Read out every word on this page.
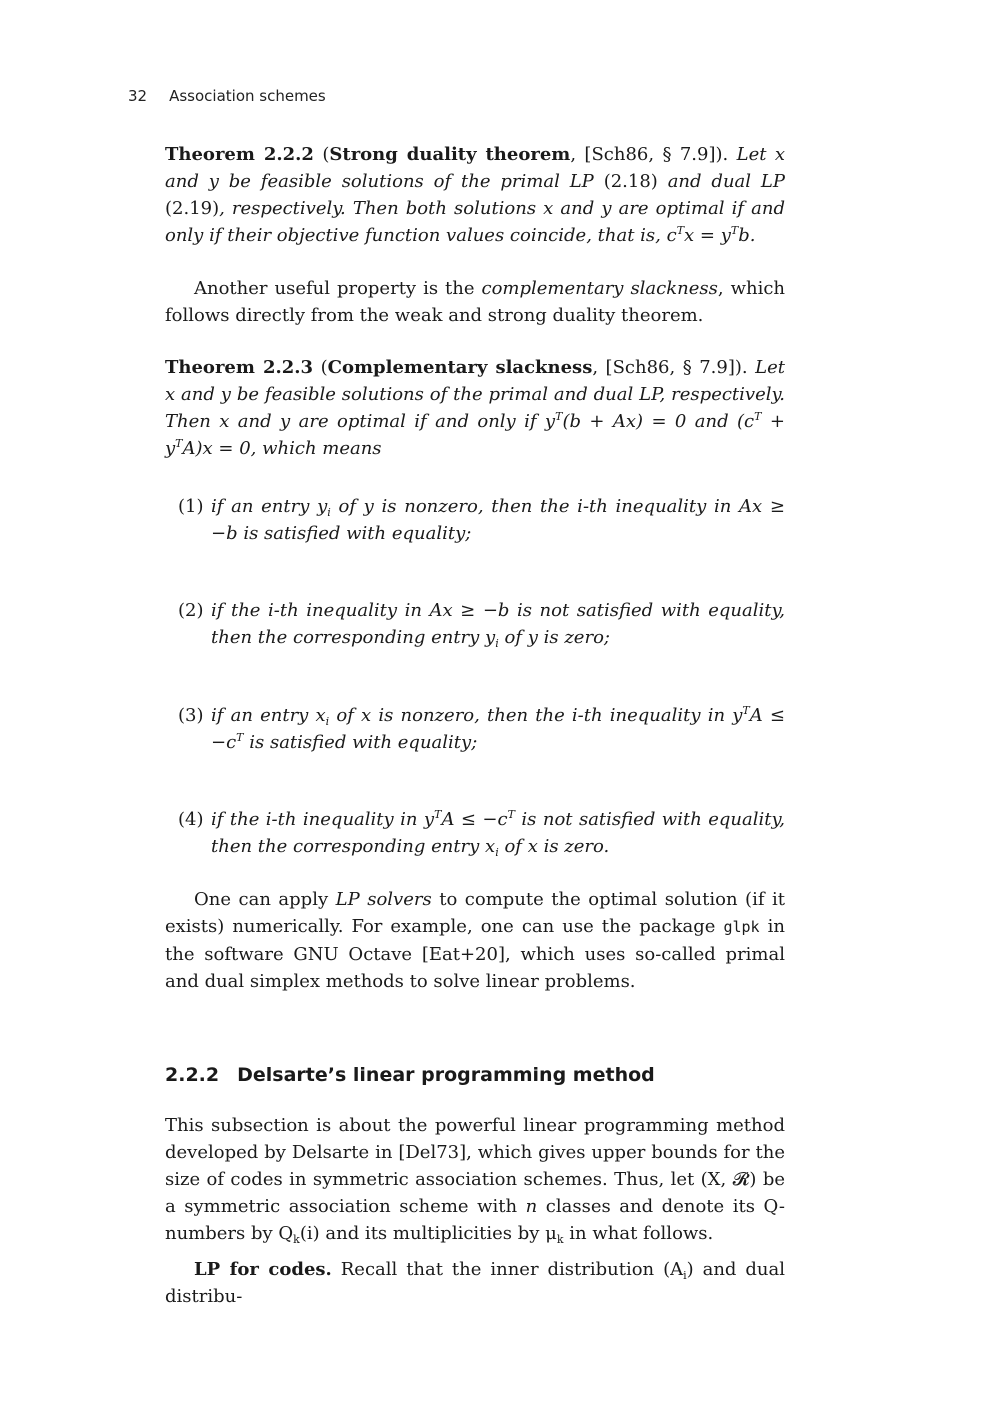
32 Association schemes
Theorem 2.2.2 (Strong duality theorem, [Sch86, § 7.9]). Let x and y be feasible solutions of the primal LP (2.18) and dual LP (2.19), respectively. Then both solutions x and y are optimal if and only if their objective function values coincide, that is, $c^Tx = y^Tb$.
Another useful property is the complementary slackness, which follows directly from the weak and strong duality theorem.
Theorem 2.2.3 (Complementary slackness, [Sch86, § 7.9]). Let x and y be feasible solutions of the primal and dual LP, respectively. Then x and y are optimal if and only if $y^T(b + Ax) = 0$ and $(c^T + y^TA)x = 0$, which means
(1) if an entry $y_i$ of y is nonzero, then the i-th inequality in Ax ≥ −b is satisfied with equality;
(2) if the i-th inequality in Ax ≥ −b is not satisfied with equality, then the corresponding entry $y_i$ of y is zero;
(3) if an entry $x_i$ of x is nonzero, then the i-th inequality in $y^TA \le -c^T$ is satisfied with equality;
(4) if the i-th inequality in $y^TA \le -c^T$ is not satisfied with equality, then the corresponding entry $x_i$ of x is zero.
One can apply LP solvers to compute the optimal solution (if it exists) numerically. For example, one can use the package glpk in the software GNU Octave [Eat+20], which uses so-called primal and dual simplex methods to solve linear problems.
2.2.2 Delsarte’s linear programming method
This subsection is about the powerful linear programming method developed by Delsarte in [Del73], which gives upper bounds for the size of codes in symmetric association schemes. Thus, let (X, 𝓡) be a symmetric association scheme with n classes and denote its Q-numbers by $Q_k(i)$ and its multiplicities by $\mu_k$ in what follows.
LP for codes. Recall that the inner distribution $(A_i)$ and dual distribu-
